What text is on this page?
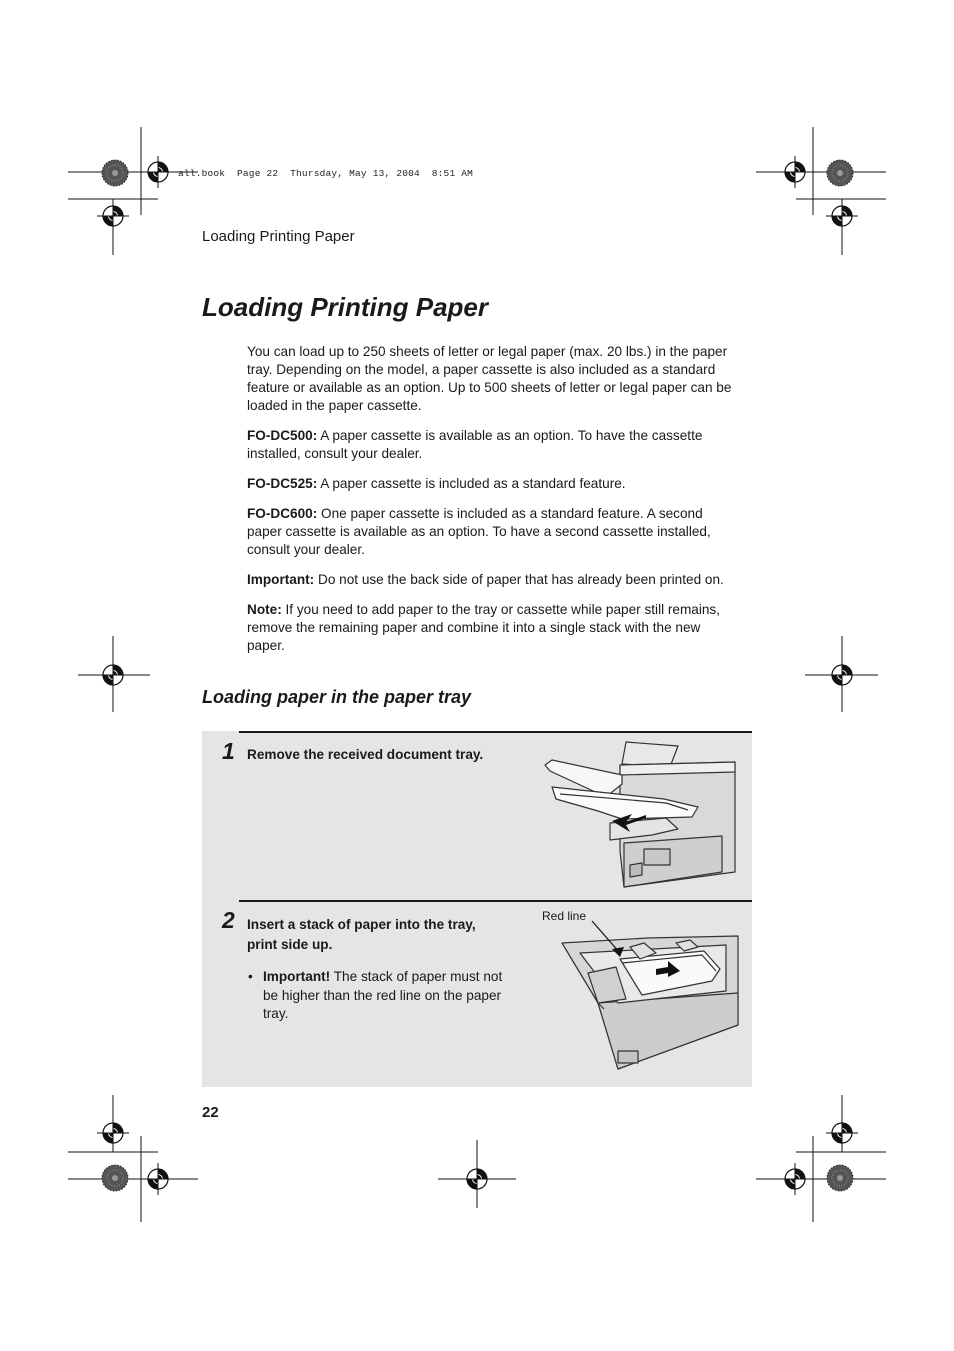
all.book  Page 22  Thursday, May 13, 2004  8:51 AM
Loading Printing Paper
Loading Printing Paper

You can load up to 250 sheets of letter or legal paper (max. 20 lbs.) in the paper tray. Depending on the model, a paper cassette is also included as a standard feature or available as an option. Up to 500 sheets of letter or legal paper can be loaded in the paper cassette.

FO-DC500: A paper cassette is available as an option. To have the cassette installed, consult your dealer.

FO-DC525: A paper cassette is included as a standard feature.

FO-DC600: One paper cassette is included as a standard feature. A second paper cassette is available as an option. To have a second cassette installed, consult your dealer.

Important: Do not use the back side of paper that has already been printed on.

Note: If you need to add paper to the tray or cassette while paper still remains, remove the remaining paper and combine it into a single stack with the new paper.

Loading paper in the paper tray
1 Remove the received document tray.
2 Insert a stack of paper into the tray, print side up.
• Important! The stack of paper must not be higher than the red line on the paper tray.
Red line
22
